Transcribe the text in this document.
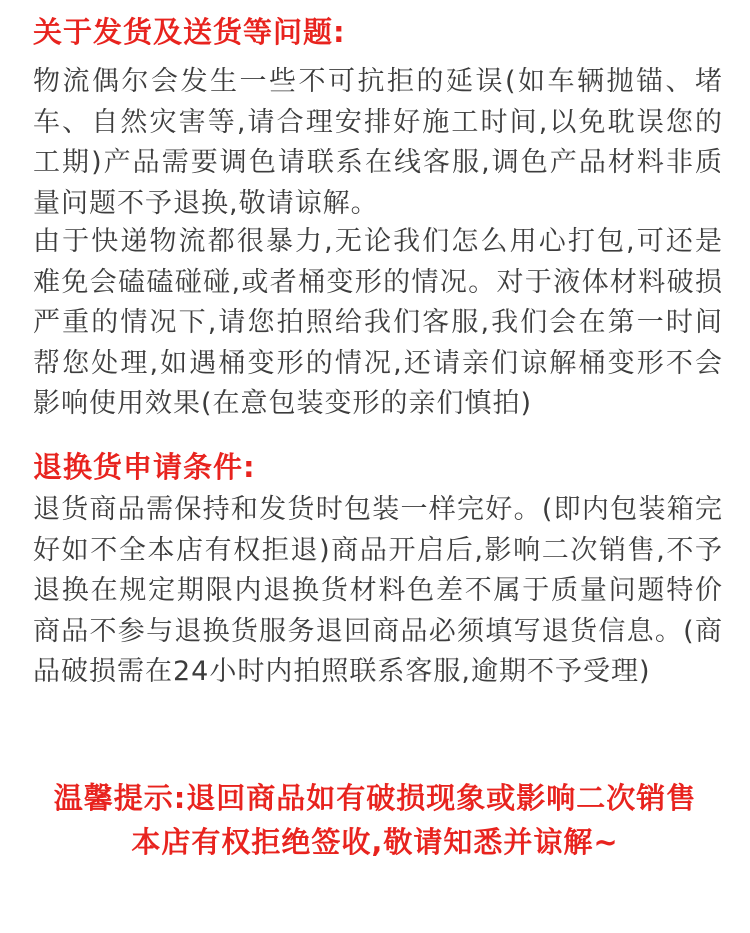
关于发货及送货等问题:

物流偶尔会发生一些不可抗拒的延误(如车辆抛锚、堵车、自然灾害等,请合理安排好施工时间,以免耽误您的工期)产品需要调色请联系在线客服,调色产品材料非质量问题不予退换,敬请谅解。

由于快递物流都很暴力,无论我们怎么用心打包,可还是难免会磕磕碰碰,或者桶变形的情况。对于液体材料破损严重的情况下,请您拍照给我们客服,我们会在第一时间帮您处理,如遇桶变形的情况,还请亲们谅解桶变形不会影响使用效果(在意包装变形的亲们慎拍)

退换货申请条件:

退货商品需保持和发货时包装一样完好。(即内包装箱完好如不全本店有权拒退)商品开启后,影响二次销售,不予退换在规定期限内退换货材料色差不属于质量问题特价商品不参与退换货服务退回商品必须填写退货信息。(商品破损需在24小时内拍照联系客服,逾期不予受理)

温馨提示:退回商品如有破损现象或影响二次销售
本店有权拒绝签收,敬请知悉并谅解~
